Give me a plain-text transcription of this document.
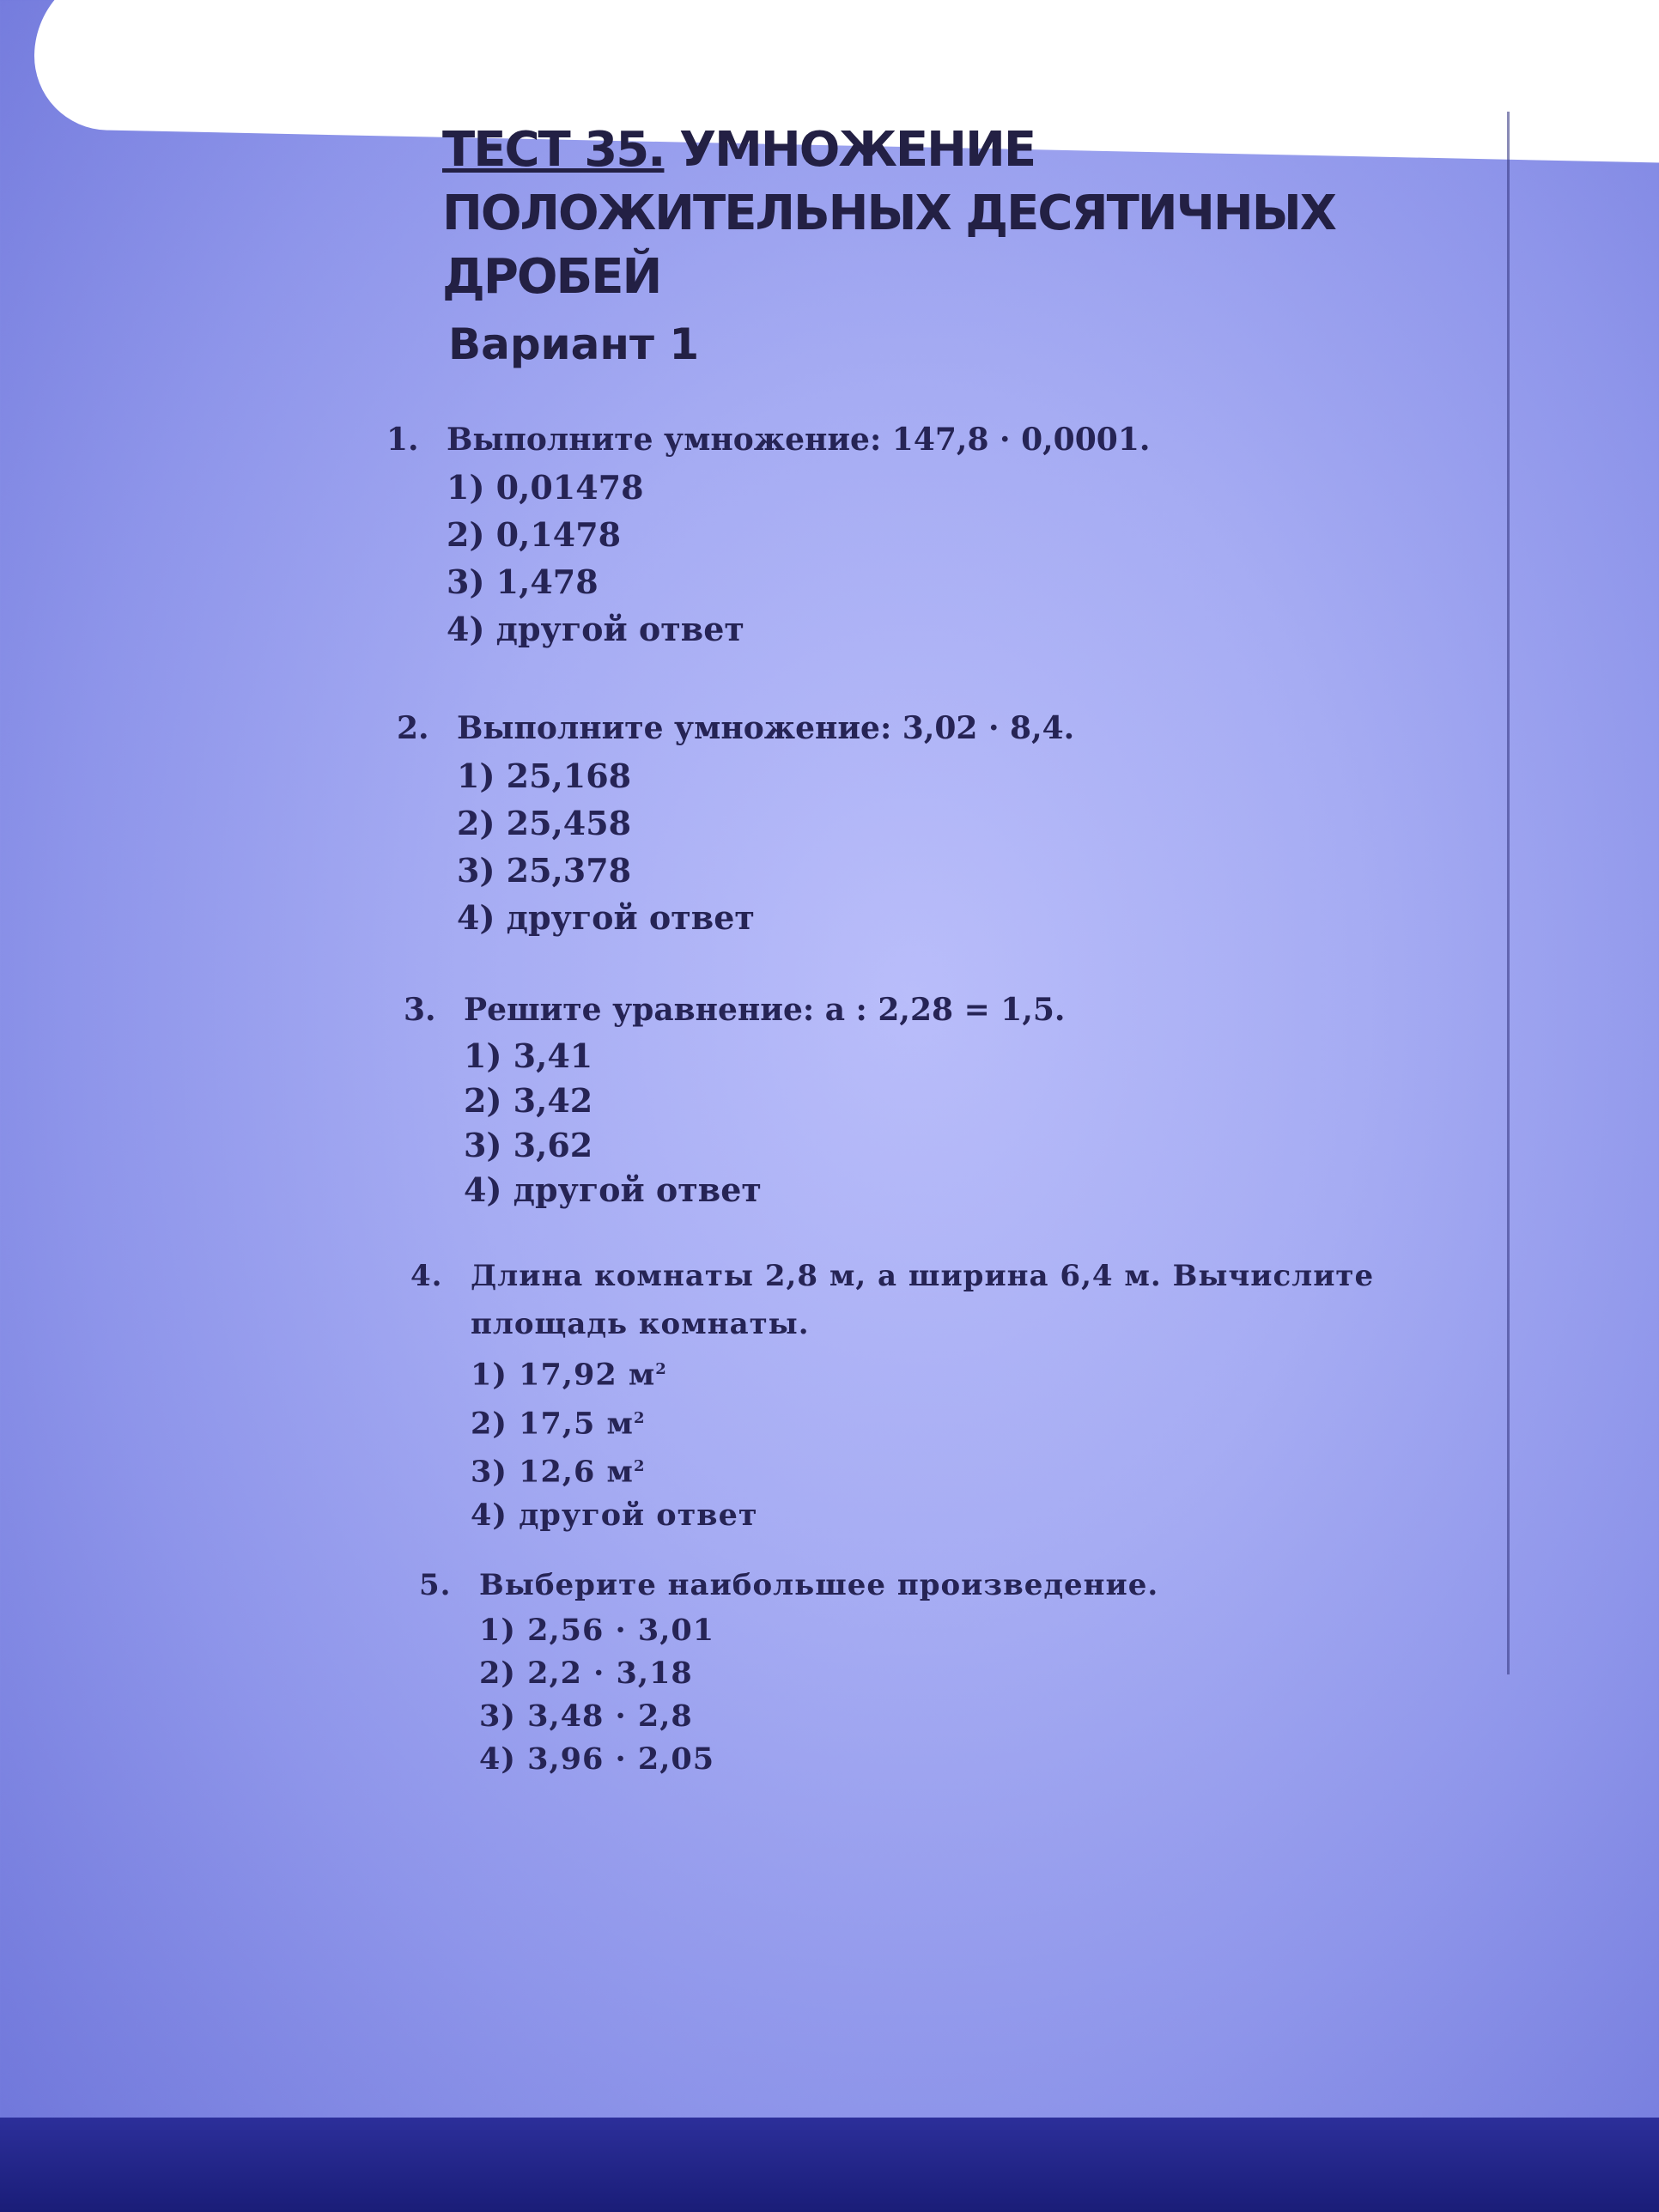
ТЕСТ 35. УМНОЖЕНИЕ ПОЛОЖИТЕЛЬНЫХ ДЕСЯТИЧНЫХ ДРОБЕЙ
Вариант 1
1. Выполните умножение: 147,8 · 0,0001.
1) 0,01478
2) 0,1478
3) 1,478
4) другой ответ
2. Выполните умножение: 3,02 · 8,4.
1) 25,168
2) 25,458
3) 25,378
4) другой ответ
3. Решите уравнение: a : 2,28 = 1,5.
1) 3,41
2) 3,42
3) 3,62
4) другой ответ
4. Длина комнаты 2,8 м, а ширина 6,4 м. Вычислите площадь комнаты.
1) 17,92 $м^2$
2) 17,5 $м^2$
3) 12,6 $м^2$
4) другой ответ
5. Выберите наибольшее произведение.
1) 2,56 · 3,01
2) 2,2 · 3,18
3) 3,48 · 2,8
4) 3,96 · 2,05
